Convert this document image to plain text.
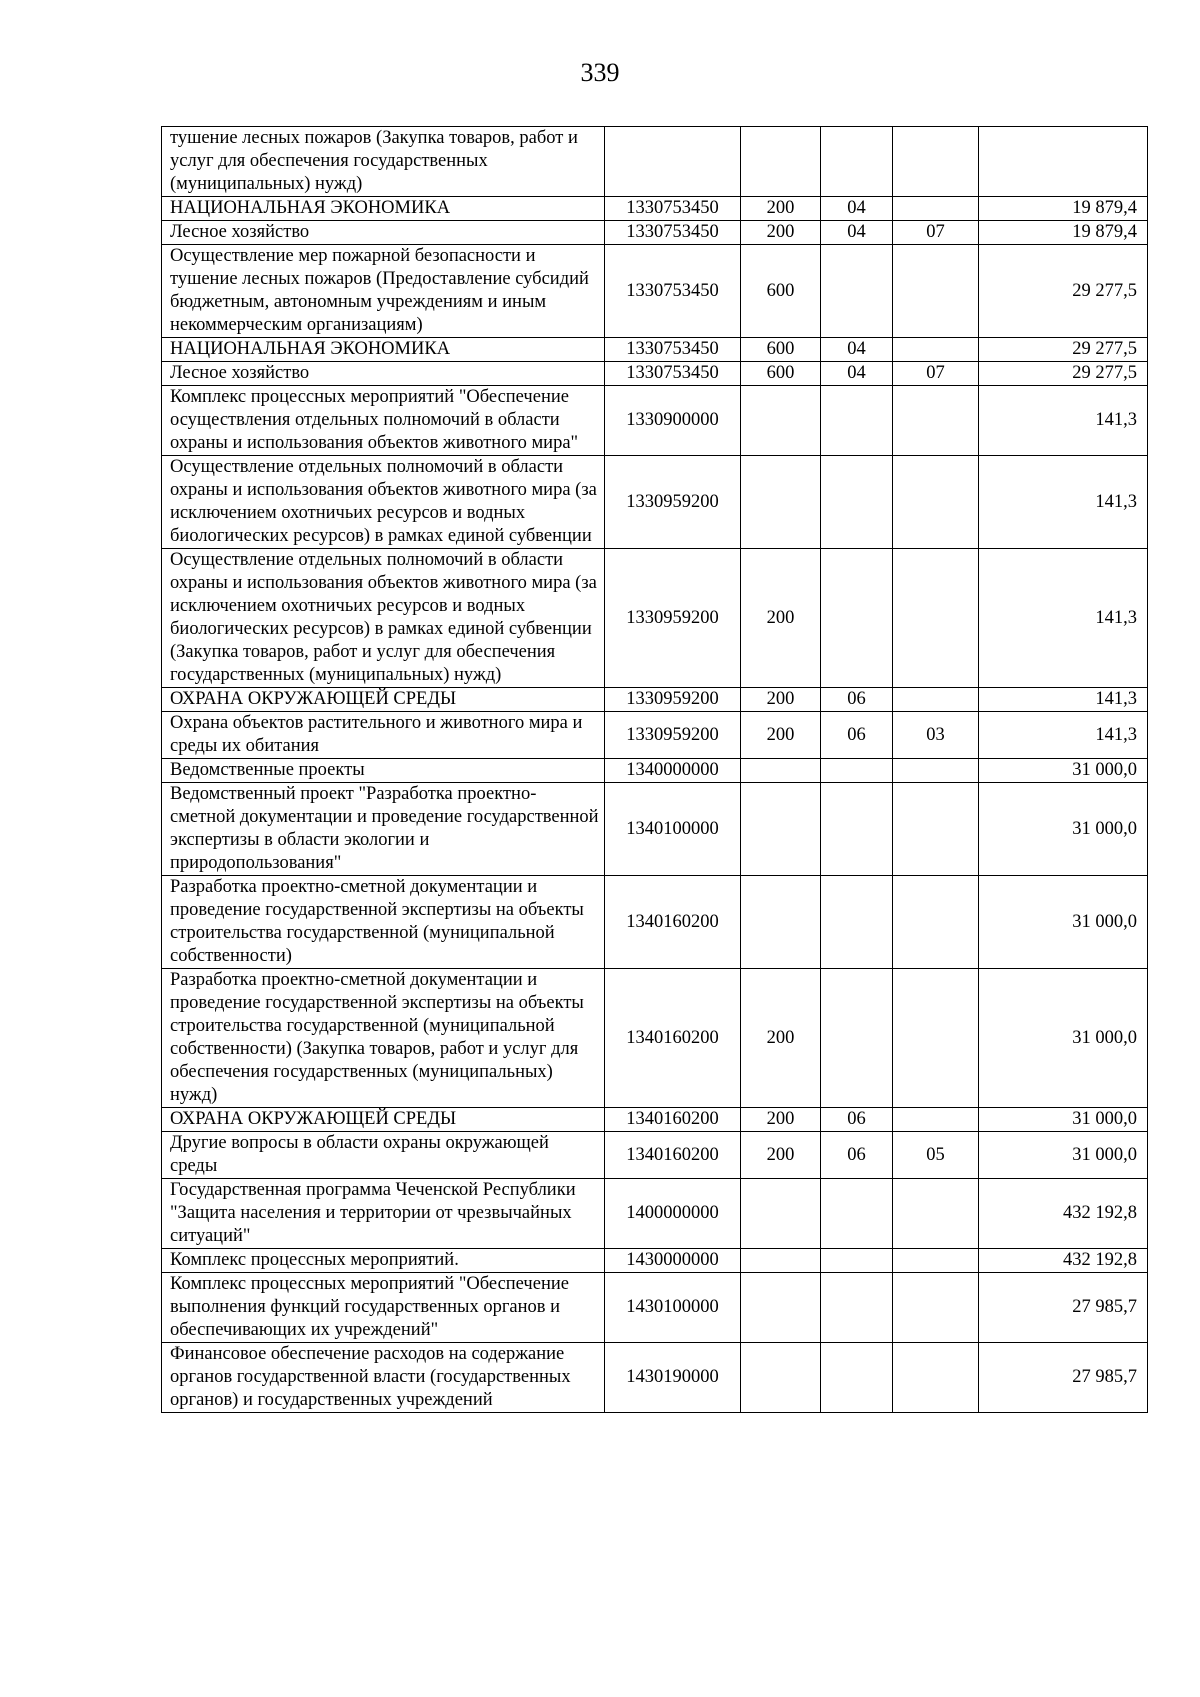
339
тушение лесных пожаров (Закупка товаров, работ и услуг для обеспечения государственных (муниципальных) нужд)					
НАЦИОНАЛЬНАЯ ЭКОНОМИКА	1330753450	200	04		19 879,4
Лесное хозяйство	1330753450	200	04	07	19 879,4
Осуществление мер пожарной безопасности и тушение лесных пожаров (Предоставление субсидий бюджетным, автономным учреждениям и иным некоммерческим организациям)	1330753450	600			29 277,5
НАЦИОНАЛЬНАЯ ЭКОНОМИКА	1330753450	600	04		29 277,5
Лесное хозяйство	1330753450	600	04	07	29 277,5
Комплекс процессных мероприятий "Обеспечение осуществления отдельных полномочий в области охраны и использования объектов животного мира"	1330900000				141,3
Осуществление отдельных полномочий в области охраны и использования объектов животного мира (за исключением охотничьих ресурсов и водных биологических ресурсов) в рамках единой субвенции	1330959200				141,3
Осуществление отдельных полномочий в области охраны и использования объектов животного мира (за исключением охотничьих ресурсов и водных биологических ресурсов) в рамках единой субвенции (Закупка товаров, работ и услуг для обеспечения государственных (муниципальных) нужд)	1330959200	200			141,3
ОХРАНА ОКРУЖАЮЩЕЙ СРЕДЫ	1330959200	200	06		141,3
Охрана объектов растительного и животного мира и среды их обитания	1330959200	200	06	03	141,3
Ведомственные проекты	1340000000				31 000,0
Ведомственный проект "Разработка проектно-сметной документации и проведение государственной экспертизы в области экологии и природопользования"	1340100000				31 000,0
Разработка проектно-сметной документации и проведение государственной экспертизы на объекты строительства государственной (муниципальной собственности)	1340160200				31 000,0
Разработка проектно-сметной документации и проведение государственной экспертизы на объекты строительства государственной (муниципальной собственности) (Закупка товаров, работ и услуг для обеспечения государственных (муниципальных) нужд)	1340160200	200			31 000,0
ОХРАНА ОКРУЖАЮЩЕЙ СРЕДЫ	1340160200	200	06		31 000,0
Другие вопросы в области охраны окружающей среды	1340160200	200	06	05	31 000,0
Государственная программа Чеченской Республики "Защита населения и территории от чрезвычайных ситуаций"	1400000000				432 192,8
Комплекс процессных мероприятий.	1430000000				432 192,8
Комплекс процессных мероприятий "Обеспечение выполнения функций государственных органов и обеспечивающих их учреждений"	1430100000				27 985,7
Финансовое обеспечение расходов на содержание органов государственной власти (государственных органов) и государственных учреждений	1430190000				27 985,7
